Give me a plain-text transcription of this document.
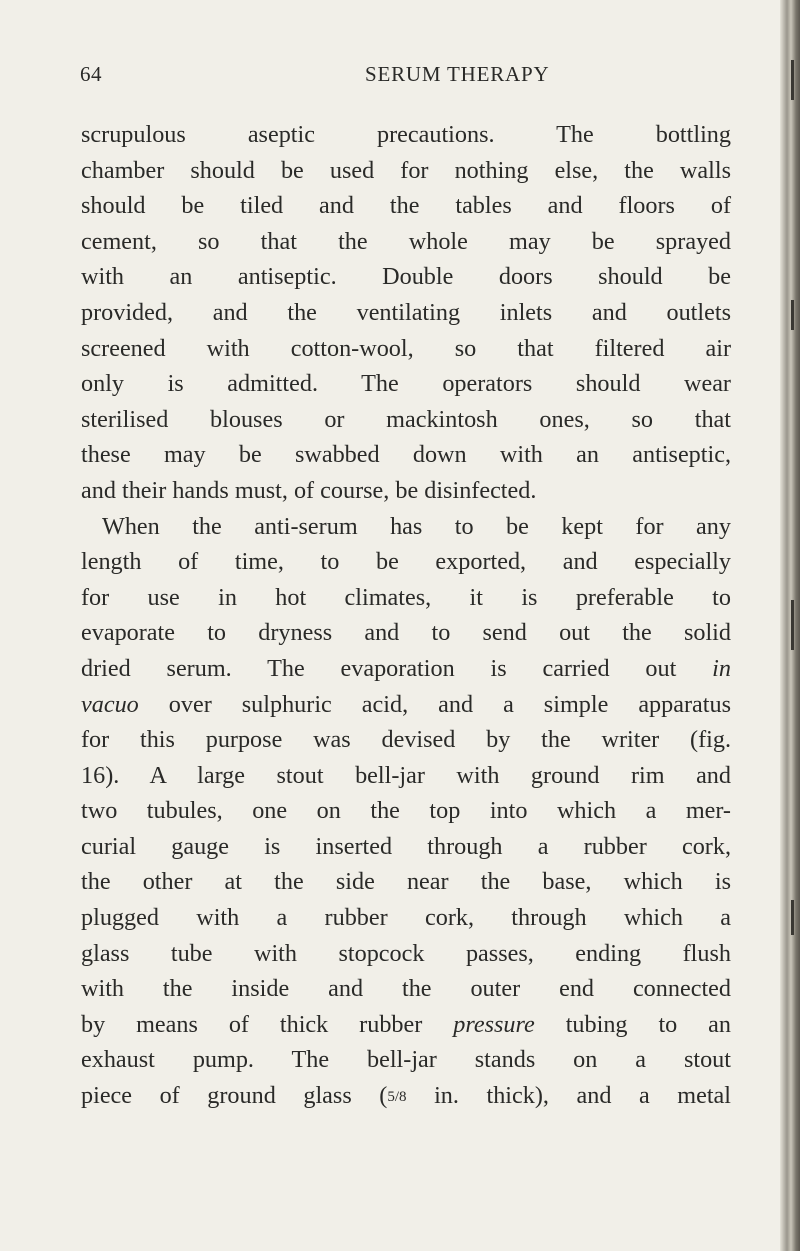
64	SERUM THERAPY
scrupulous aseptic precautions. The bottling
chamber should be used for nothing else, the walls
should be tiled and the tables and floors of
cement, so that the whole may be sprayed
with an antiseptic. Double doors should be
provided, and the ventilating inlets and outlets
screened with cotton-wool, so that filtered air
only is admitted. The operators should wear
sterilised blouses or mackintosh ones, so that
these may be swabbed down with an antiseptic,
and their hands must, of course, be disinfected.
When the anti-serum has to be kept for any
length of time, to be exported, and especially
for use in hot climates, it is preferable to
evaporate to dryness and to send out the solid
dried serum. The evaporation is carried out in
vacuo over sulphuric acid, and a simple apparatus
for this purpose was devised by the writer (fig.
16). A large stout bell-jar with ground rim and
two tubules, one on the top into which a mer-
curial gauge is inserted through a rubber cork,
the other at the side near the base, which is
plugged with a rubber cork, through which a
glass tube with stopcock passes, ending flush
with the inside and the outer end connected
by means of thick rubber pressure tubing to an
exhaust pump. The bell-jar stands on a stout
piece of ground glass (5/8 in. thick), and a metal
